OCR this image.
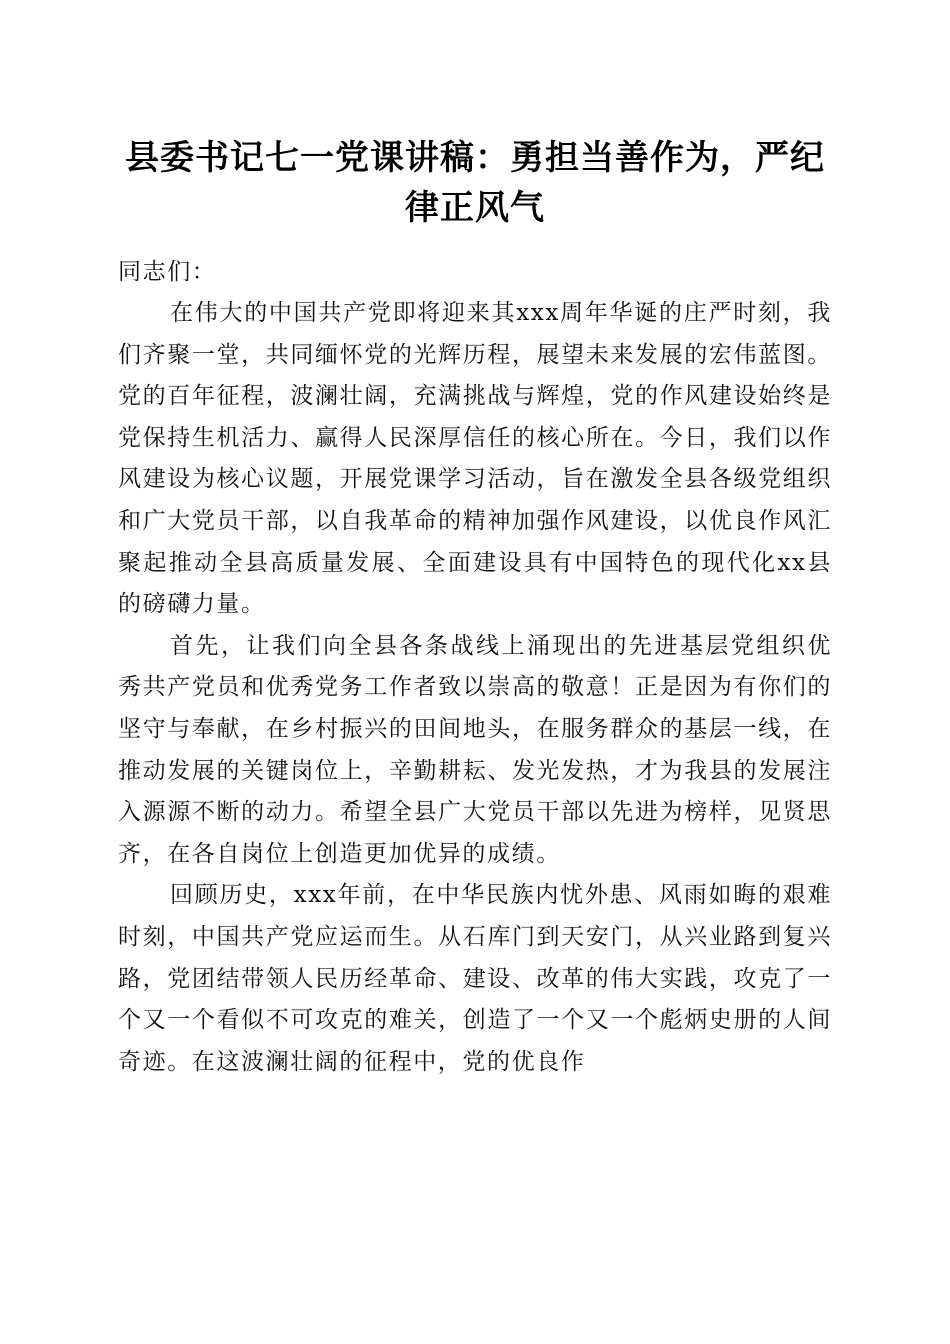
县委书记七一党课讲稿：勇担当善作为，严纪
律正风气

同志们：

在伟大的中国共产党即将迎来其xxx周年华诞的庄严时刻，我们齐聚一堂，共同缅怀党的光辉历程，展望未来发展的宏伟蓝图。党的百年征程，波澜壮阔，充满挑战与辉煌，党的作风建设始终是党保持生机活力、赢得人民深厚信任的核心所在。今日，我们以作风建设为核心议题，开展党课学习活动，旨在激发全县各级党组织和广大党员干部，以自我革命的精神加强作风建设，以优良作风汇聚起推动全县高质量发展、全面建设具有中国特色的现代化xx县的磅礴力量。

首先，让我们向全县各条战线上涌现出的先进基层党组织优秀共产党员和优秀党务工作者致以崇高的敬意！正是因为有你们的坚守与奉献，在乡村振兴的田间地头，在服务群众的基层一线，在推动发展的关键岗位上，辛勤耕耘、发光发热，才为我县的发展注入源源不断的动力。希望全县广大党员干部以先进为榜样，见贤思齐，在各自岗位上创造更加优异的成绩。

回顾历史，xxx年前，在中华民族内忧外患、风雨如晦的艰难时刻，中国共产党应运而生。从石库门到天安门，从兴业路到复兴路，党团结带领人民历经革命、建设、改革的伟大实践，攻克了一个又一个看似不可攻克的难关，创造了一个又一个彪炳史册的人间奇迹。在这波澜壮阔的征程中，党的优良作
